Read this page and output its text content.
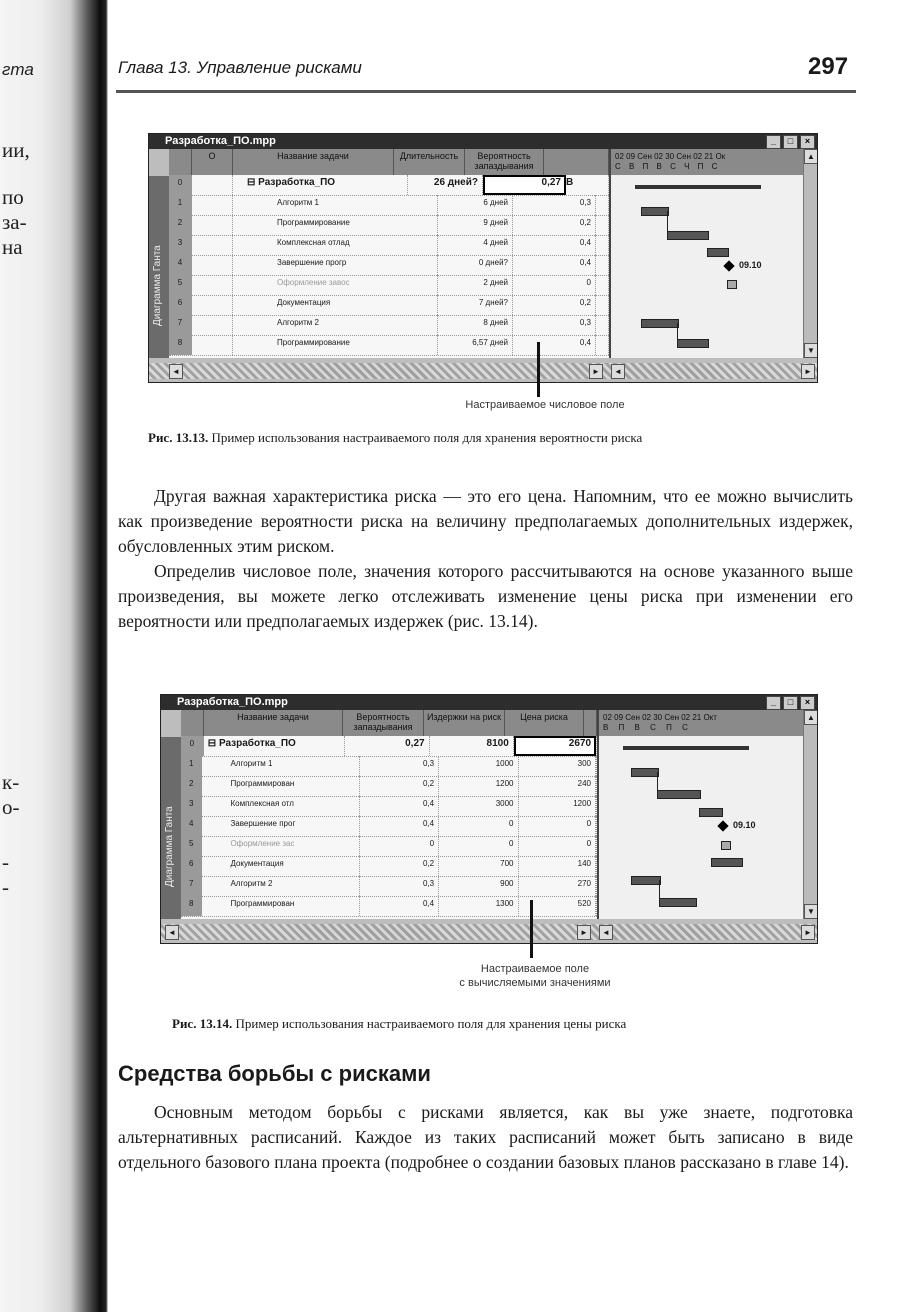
гта
ии,
по
за-
на
к-
о-
-
-
Глава 13. Управление рисками	297
Разработка_ПО.mpp	_	□	×
Диаграмма Ганта
О	Название задачи	Длительность	Вероятность запаздывания
0	⊟ Разработка_ПО	26 дней?	0,27 В
1	Алгоритм 1	6 дней	0,3
2	Программирование	9 дней	0,2
3	Комплексная отлад	4 дней	0,4
4	Завершение прогр	0 дней?	0,4
5	Оформление завос	2 дней	0
6	Документация	7 дней?	0,2
7	Алгоритм 2	8 дней	0,3
8	Программирование	6,57 дней	0,4
02 09 Сен 02 30 Сен 02 21 Ок
С В П В С Ч П С
09.10
▲
▼
◄	►	◄	►
Настраиваемое числовое поле
Рис. 13.13. Пример использования настраиваемого поля для хранения вероятности риска
Другая важная характеристика риска — это его цена. Напомним, что ее можно вычислить как произведение вероятности риска на величину предполагаемых дополнительных издержек, обусловленных этим риском.
Определив числовое поле, значения которого рассчитываются на основе указанного выше произведения, вы можете легко отслеживать изменение цены риска при изменении его вероятности или предполагаемых издержек (рис. 13.14).
Разработка_ПО.mpp	_	□	×
Диаграмма Ганта
Название задачи	Вероятность запаздывания
Издержки на риск	Цена риска
0	⊟ Разработка_ПО	0,27	8100	2670
1	Алгоритм 1	0,3	1000	300
2	Программирован	0,2	1200	240
3	Комплексная отл	0,4	3000	1200
4	Завершение прог	0,4	0	0
5	Оформление зас	0	0	0
6	Документация	0,2	700	140
7	Алгоритм 2	0,3	900	270
8	Программирован	0,4	1300	520
02 09 Сен 02 30 Сен 02 21 Окт
В П В С П С
09.10
▲
▼
◄	►	◄	►
Настраиваемое поле
с вычисляемыми значениями
Рис. 13.14. Пример использования настраиваемого поля для хранения цены риска
Средства борьбы с рисками
Основным методом борьбы с рисками является, как вы уже знаете, подготовка альтернативных расписаний. Каждое из таких расписаний может быть записано в виде отдельного базового плана проекта (подробнее о создании базовых планов рассказано в главе 14).
